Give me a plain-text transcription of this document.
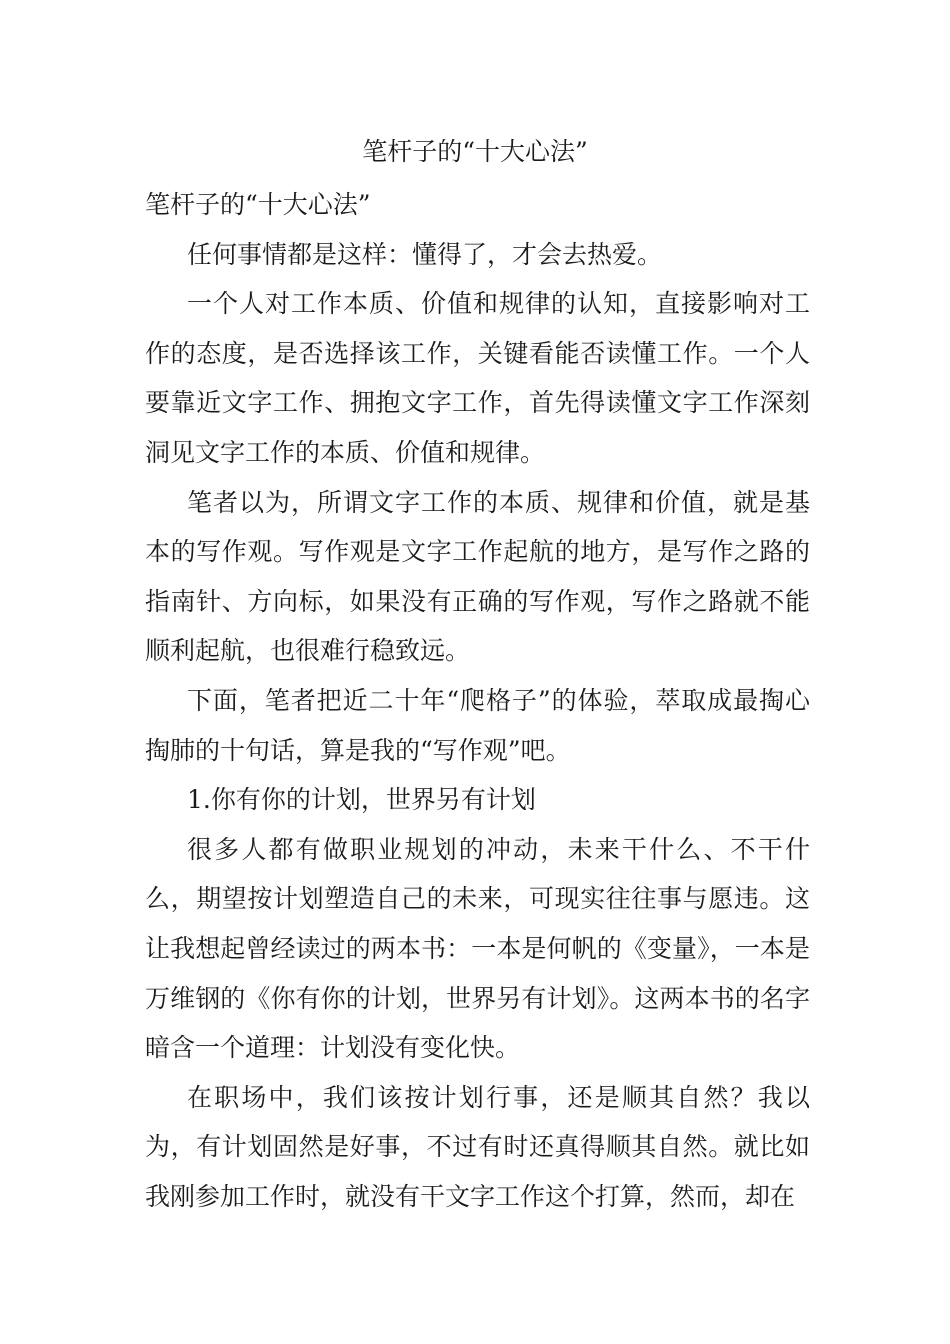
笔杆子的“十大心法”

笔杆子的“十大心法”

任何事情都是这样：懂得了，才会去热爱。

一个人对工作本质、价值和规律的认知，直接影响对工作的态度，是否选择该工作，关键看能否读懂工作。一个人要靠近文字工作、拥抱文字工作，首先得读懂文字工作深刻洞见文字工作的本质、价值和规律。

笔者以为，所谓文字工作的本质、规律和价值，就是基本的写作观。写作观是文字工作起航的地方，是写作之路的指南针、方向标，如果没有正确的写作观，写作之路就不能顺利起航，也很难行稳致远。

下面，笔者把近二十年“爬格子”的体验，萃取成最掏心掏肺的十句话，算是我的“写作观”吧。

1.你有你的计划，世界另有计划

很多人都有做职业规划的冲动，未来干什么、不干什么，期望按计划塑造自己的未来，可现实往往事与愿违。这让我想起曾经读过的两本书：一本是何帆的《变量》，一本是万维钢的《你有你的计划，世界另有计划》。这两本书的名字暗含一个道理：计划没有变化快。

在职场中，我们该按计划行事，还是顺其自然？我以为，有计划固然是好事，不过有时还真得顺其自然。就比如我刚参加工作时，就没有干文字工作这个打算，然而，却在
